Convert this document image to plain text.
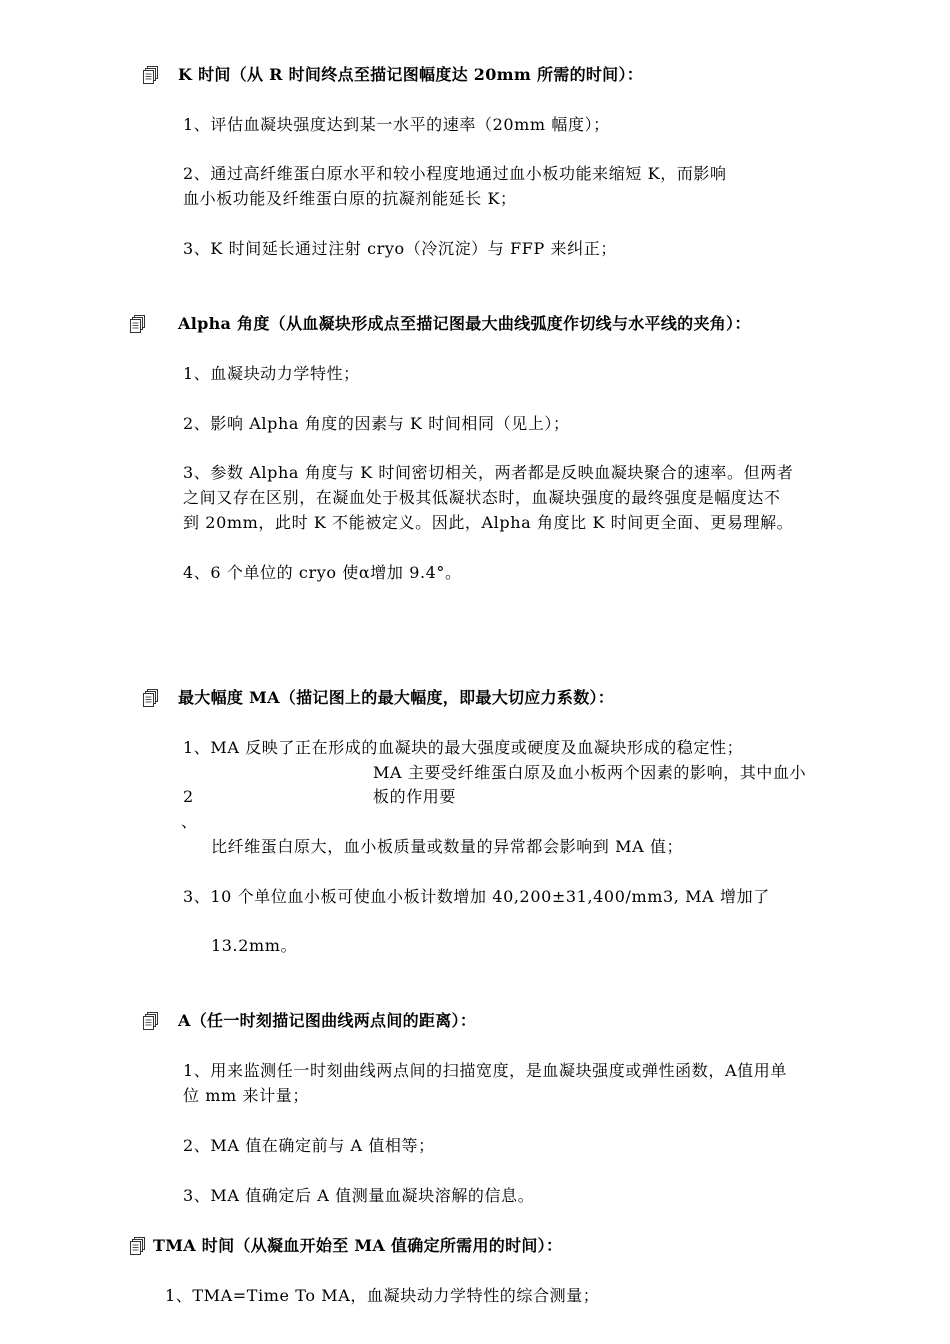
K 时间（从 R 时间终点至描记图幅度达 20mm 所需的时间）：
1、评估血凝块强度达到某一水平的速率（20mm 幅度）；
2、通过高纤维蛋白原水平和较小程度地通过血小板功能来缩短 K，而影响
血小板功能及纤维蛋白原的抗凝剂能延长 K；
3、K 时间延长通过注射 cryo（冷沉淀）与 FFP 来纠正；
Alpha 角度（从血凝块形成点至描记图最大曲线弧度作切线与水平线的夹角）：
1、血凝块动力学特性；
2、影响 Alpha 角度的因素与 K 时间相同（见上）；
3、参数 Alpha 角度与 K 时间密切相关，两者都是反映血凝块聚合的速率。但两者
之间又存在区别，在凝血处于极其低凝状态时，血凝块强度的最终强度是幅度达不
到 20mm，此时 K 不能被定义。因此，Alpha 角度比 K 时间更全面、更易理解。
4、6 个单位的 cryo 使α增加 9.4°。
最大幅度 MA（描记图上的最大幅度，即最大切应力系数）：
1、MA 反映了正在形成的血凝块的最大强度或硬度及血凝块形成的稳定性；
MA 主要受纤维蛋白原及血小板两个因素的影响，其中血小
板的作用要
2
、
比纤维蛋白原大，血小板质量或数量的异常都会影响到 MA 值；
3、10 个单位血小板可使血小板计数增加 40,200±31,400/mm3, MA 增加了
13.2mm。
A（任一时刻描记图曲线两点间的距离）：
1、用来监测任一时刻曲线两点间的扫描宽度，是血凝块强度或弹性函数，A值用单
位 mm 来计量；
2、MA 值在确定前与 A 值相等；
3、MA 值确定后 A 值测量血凝块溶解的信息。
TMA 时间（从凝血开始至 MA 值确定所需用的时间）：
1、TMA=Time To MA，血凝块动力学特性的综合测量；
